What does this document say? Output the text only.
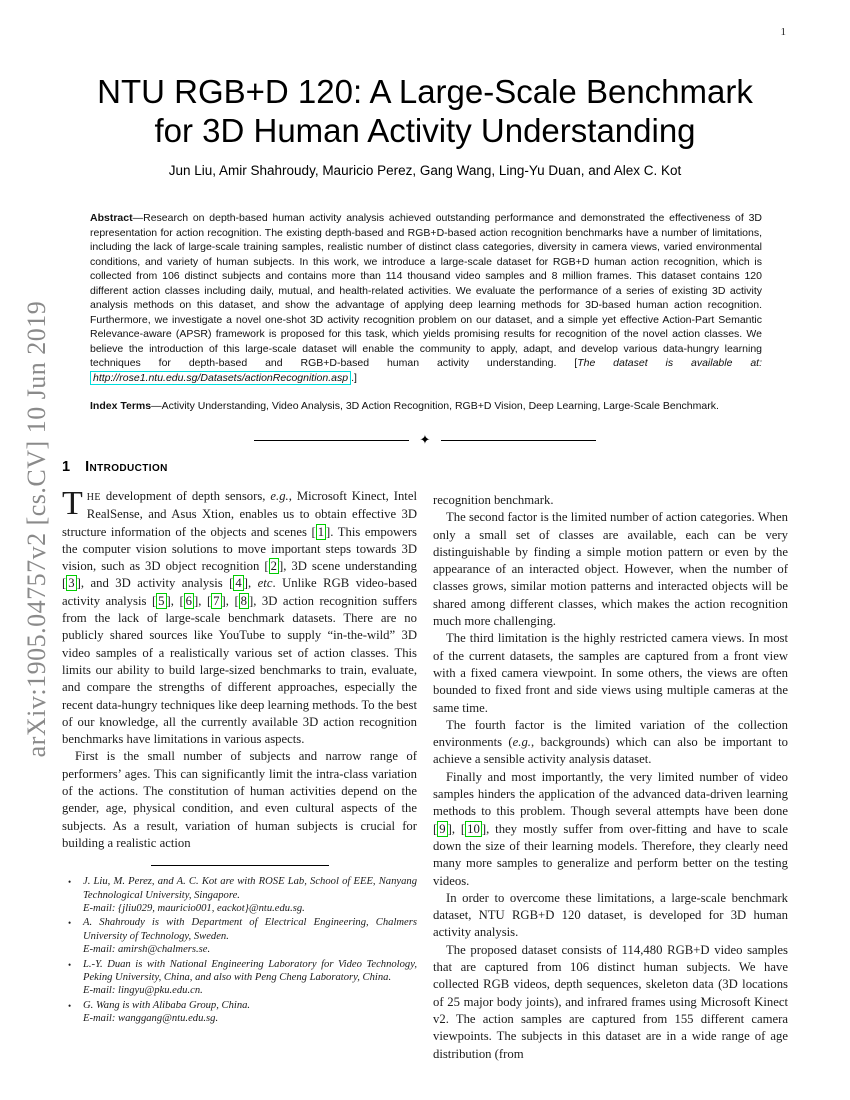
1
arXiv:1905.04757v2 [cs.CV] 10 Jun 2019
NTU RGB+D 120: A Large-Scale Benchmark
for 3D Human Activity Understanding
Jun Liu, Amir Shahroudy, Mauricio Perez, Gang Wang, Ling-Yu Duan, and Alex C. Kot
Abstract—Research on depth-based human activity analysis achieved outstanding performance and demonstrated the effectiveness of 3D representation for action recognition. The existing depth-based and RGB+D-based action recognition benchmarks have a number of limitations, including the lack of large-scale training samples, realistic number of distinct class categories, diversity in camera views, varied environmental conditions, and variety of human subjects. In this work, we introduce a large-scale dataset for RGB+D human action recognition, which is collected from 106 distinct subjects and contains more than 114 thousand video samples and 8 million frames. This dataset contains 120 different action classes including daily, mutual, and health-related activities. We evaluate the performance of a series of existing 3D activity analysis methods on this dataset, and show the advantage of applying deep learning methods for 3D-based human action recognition. Furthermore, we investigate a novel one-shot 3D activity recognition problem on our dataset, and a simple yet effective Action-Part Semantic Relevance-aware (APSR) framework is proposed for this task, which yields promising results for recognition of the novel action classes. We believe the introduction of this large-scale dataset will enable the community to apply, adapt, and develop various data-hungry learning techniques for depth-based and RGB+D-based human activity understanding. [The dataset is available at: http://rose1.ntu.edu.sg/Datasets/actionRecognition.asp .]
Index Terms—Activity Understanding, Video Analysis, 3D Action Recognition, RGB+D Vision, Deep Learning, Large-Scale Benchmark.
✦
1 Introduction

THE development of depth sensors, e.g., Microsoft Kinect, Intel RealSense, and Asus Xtion, enables us to obtain effective 3D structure information of the objects and scenes [ 1 ]. This empowers the computer vision solutions to move important steps towards 3D vision, such as 3D object recognition [ 2 ], 3D scene understanding [ 3 ], and 3D activity analysis [ 4 ], etc. Unlike RGB video-based activity analysis [ 5 ], [ 6 ], [ 7 ], [ 8 ], 3D action recognition suffers from the lack of large-scale benchmark datasets. There are no publicly shared sources like YouTube to supply “in-the-wild” 3D video samples of a realistically various set of action classes. This limits our ability to build large-sized benchmarks to train, evaluate, and compare the strengths of different approaches, especially the recent data-hungry techniques like deep learning methods. To the best of our knowledge, all the currently available 3D action recognition benchmarks have limitations in various aspects.

First is the small number of subjects and narrow range of performers’ ages. This can significantly limit the intra-class variation of the actions. The constitution of human activities depend on the gender, age, physical condition, and even cultural aspects of the subjects. As a result, variation of human subjects is crucial for building a realistic action

•	J. Liu, M. Perez, and A. C. Kot are with ROSE Lab, School of EEE, Nanyang Technological University, Singapore.
E-mail: {jliu029, mauricio001, eackot}@ntu.edu.sg.
•	A. Shahroudy is with Department of Electrical Engineering, Chalmers University of Technology, Sweden.
E-mail: amirsh@chalmers.se.
•	L.-Y. Duan is with National Engineering Laboratory for Video Technology, Peking University, China, and also with Peng Cheng Laboratory, China.
E-mail: lingyu@pku.edu.cn.
•	G. Wang is with Alibaba Group, China.
E-mail: wanggang@ntu.edu.sg.

recognition benchmark.

The second factor is the limited number of action categories. When only a small set of classes are available, each can be very distinguishable by finding a simple motion pattern or even by the appearance of an interacted object. However, when the number of classes grows, similar motion patterns and interacted objects will be shared among different classes, which makes the action recognition much more challenging.

The third limitation is the highly restricted camera views. In most of the current datasets, the samples are captured from a front view with a fixed camera viewpoint. In some others, the views are often bounded to fixed front and side views using multiple cameras at the same time.

The fourth factor is the limited variation of the collection environments (e.g., backgrounds) which can also be important to achieve a sensible activity analysis dataset.

Finally and most importantly, the very limited number of video samples hinders the application of the advanced data-driven learning methods to this problem. Though several attempts have been done [ 9 ], [ 10 ], they mostly suffer from over-fitting and have to scale down the size of their learning models. Therefore, they clearly need many more samples to generalize and perform better on the testing videos.

In order to overcome these limitations, a large-scale benchmark dataset, NTU RGB+D 120 dataset, is developed for 3D human activity analysis.

The proposed dataset consists of 114,480 RGB+D video samples that are captured from 106 distinct human subjects. We have collected RGB videos, depth sequences, skeleton data (3D locations of 25 major body joints), and infrared frames using Microsoft Kinect v2. The action samples are captured from 155 different camera viewpoints. The subjects in this dataset are in a wide range of age distribution (from
